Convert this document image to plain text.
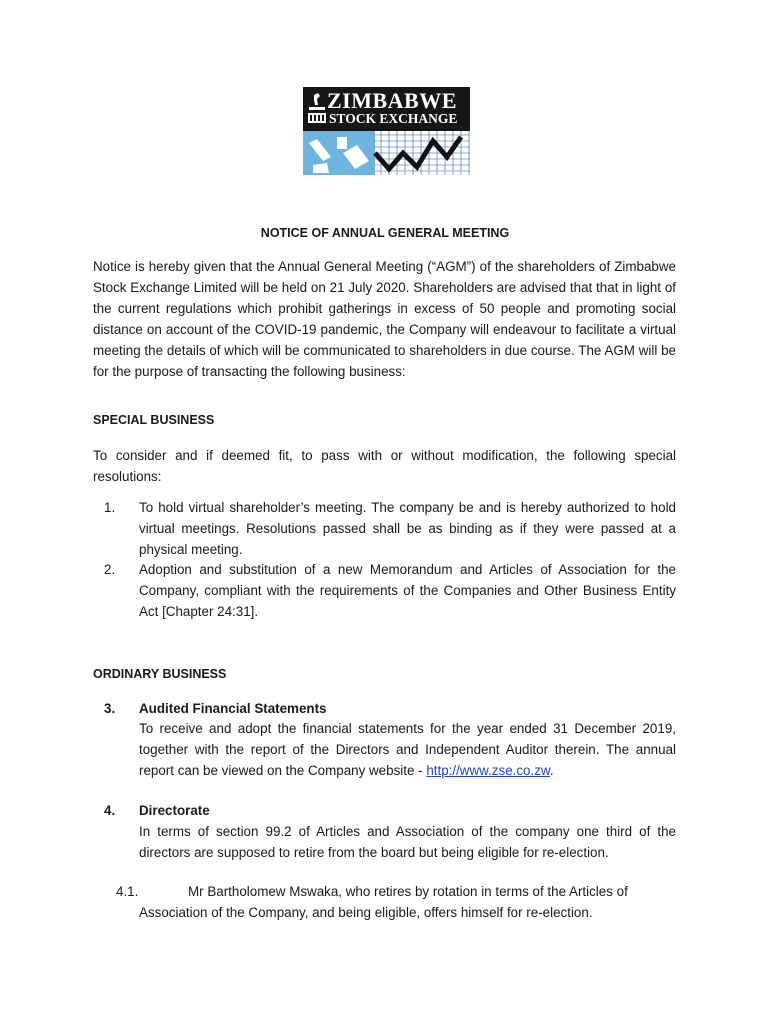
ZIMBABWE
STOCK EXCHANGE
NOTICE OF ANNUAL GENERAL MEETING
Notice is hereby given that the Annual General Meeting (“AGM”) of the shareholders of Zimbabwe Stock Exchange Limited will be held on 21 July 2020. Shareholders are advised that that in light of the current regulations which prohibit gatherings in excess of 50 people and promoting social distance on account of the COVID-19 pandemic, the Company will endeavour to facilitate a virtual meeting the details of which will be communicated to shareholders in due course. The AGM will be for the purpose of transacting the following business:
SPECIAL BUSINESS
To consider and if deemed fit, to pass with or without modification, the following special resolutions:
1. To hold virtual shareholder’s meeting. The company be and is hereby authorized to hold virtual meetings. Resolutions passed shall be as binding as if they were passed at a physical meeting.
2. Adoption and substitution of a new Memorandum and Articles of Association for the Company, compliant with the requirements of the Companies and Other Business Entity Act [Chapter 24:31].
ORDINARY BUSINESS
3. Audited Financial Statements
To receive and adopt the financial statements for the year ended 31 December 2019, together with the report of the Directors and Independent Auditor therein. The annual report can be viewed on the Company website - http://www.zse.co.zw.
4. Directorate
In terms of section 99.2 of Articles and Association of the company one third of the directors are supposed to retire from the board but being eligible for re-election.
4.1.	Mr Bartholomew Mswaka, who retires by rotation in terms of the Articles of
Association of the Company, and being eligible, offers himself for re-election.
